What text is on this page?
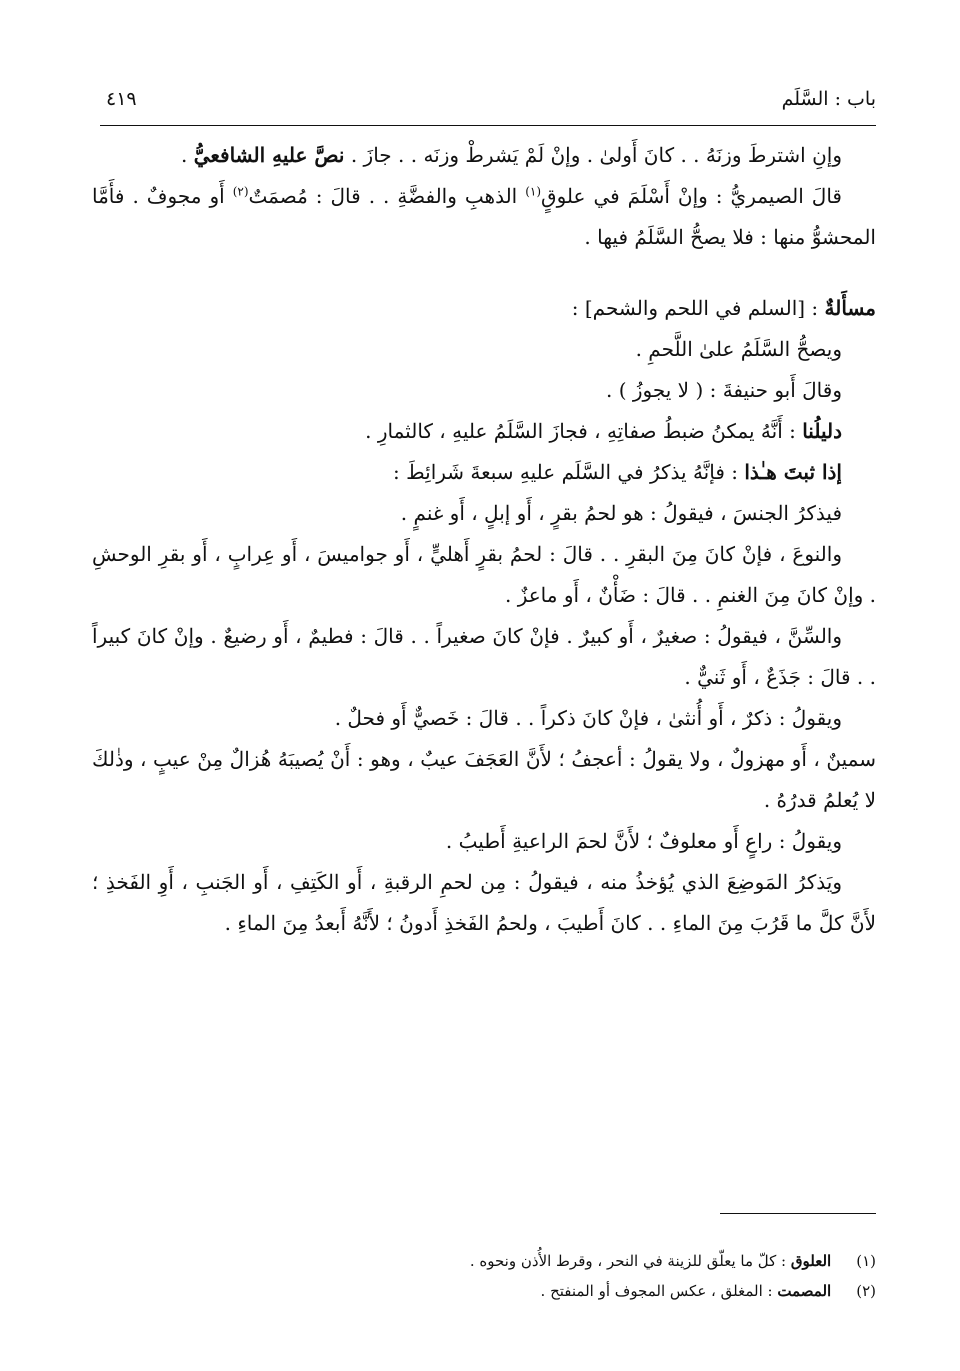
باب : السَّلَم
٤١٩

وإنِ اشترطَ وزنَهُ . . كانَ أَولىٰ . وإنْ لَمْ يَشرطْ وزنَه . . جازَ . نصَّ عليهِ الشافعيُّ .

قالَ الصيمريُّ : وإنْ أَسْلَمَ في علوقٍ$^{(١)}$ الذهبِ والفضَّةِ . . قالَ : مُصمَتٌ$^{(٢)}$ أَو مجوفٌ . فأَمَّا المحشوُّ منها : فلا يصحُّ السَّلَمُ فيها .

مسأَلةٌ : [السلم في اللحم والشحم] :

ويصحُّ السَّلَمُ علىٰ اللَّحمِ .

وقالَ أَبو حنيفةَ : ( لا يجوزُ ) .

دليلُنا : أَنَّهُ يمكنُ ضبطُ صفاتِهِ ، فجازَ السَّلَمُ عليهِ ، كالثمارِ .

إذا ثبتَ هـٰذا : فإنَّهُ يذكرُ في السَّلَم عليهِ سبعةَ شَرائِطَ :

فيذكرُ الجنسَ ، فيقولُ : هو لحمُ بقرٍ ، أَو إبلٍ ، أَو غنمٍ .

والنوعَ ، فإنْ كانَ مِنَ البقرِ . . قالَ : لحمُ بقرٍ أَهليٍّ ، أَو جواميسَ ، أَو عِرابٍ ، أَو بقرِ الوحشِ . وإنْ كانَ مِنَ الغنمِ . . قالَ : ضَأْنٌ ، أَو ماعزٌ .

والسِّنَّ ، فيقولُ : صغيرٌ ، أَو كبيرٌ . فإنْ كانَ صغيراً . . قالَ : فطيمٌ ، أَو رضيعٌ . وإنْ كانَ كبيراً . . قالَ : جَذَعٌ ، أَو ثَنيٌّ .

ويقولُ : ذكرٌ ، أَو أُنثىٰ ، فإنْ كانَ ذكراً . . قالَ : خَصيٌّ أَو فحلٌ .

سمينٌ ، أَو مهزولٌ ، ولا يقولُ : أعجفُ ؛ لأَنَّ العَجَفَ عيبٌ ، وهو : أَنْ يُصيبَهُ هُزالٌ مِنْ عيبٍ ، وذٰلكَ لا يُعلمُ قدرُهُ .

ويقولُ : راعٍ أَو معلوفٌ ؛ لأَنَّ لحمَ الراعيةِ أَطيبُ .

ويَذكرُ المَوضِعَ الذي يُؤخذُ منه ، فيقولُ : مِن لحمِ الرقبةِ ، أَو الكَتِفِ ، أَو الجَنبِ ، أَوِ الفَخذِ ؛ لأَنَّ كلَّ ما قَرُبَ مِنَ الماءِ . . كانَ أَطيبَ ، ولحمُ الفَخذِ أَدونُ ؛ لأَنَّهُ أَبعدُ مِنَ الماءِ .

(١) العلوق : كلّ ما يعلّق للزينة في النحر ، وقرط الأُذن ونحوه .

(٢) المصمت : المغلق ، عكس المجوف أو المنفتح .
